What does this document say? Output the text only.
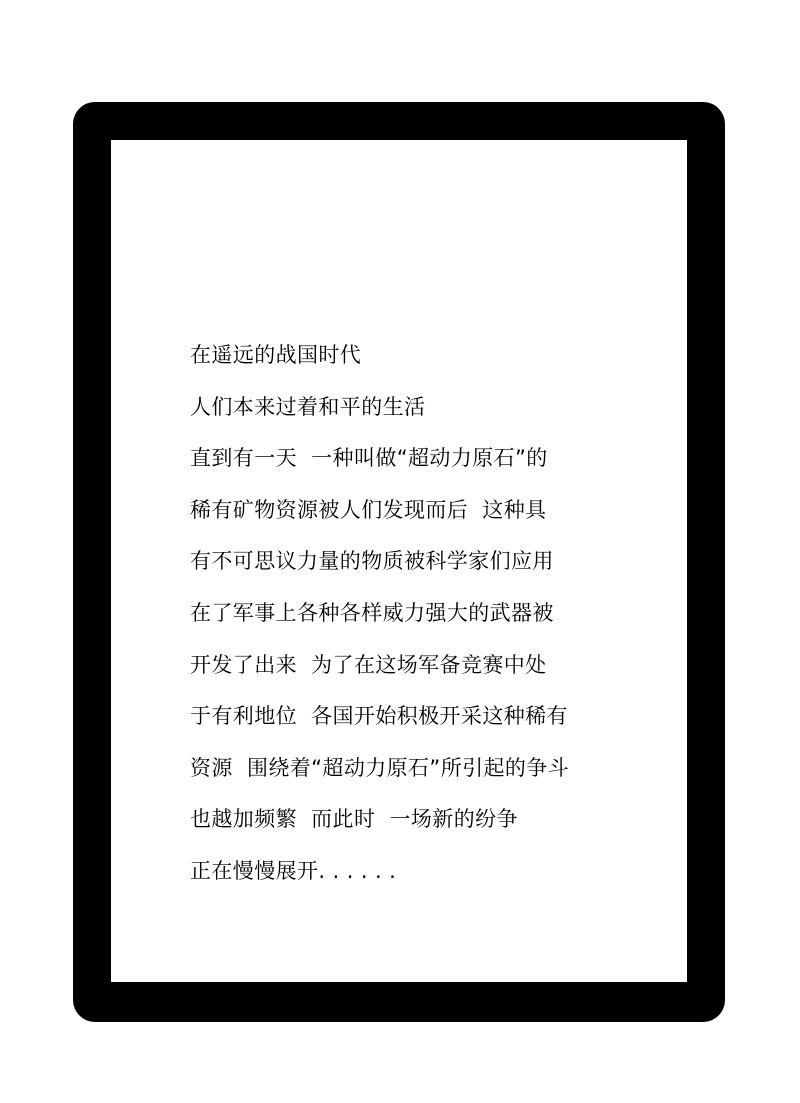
在遥远的战国时代
人们本来过着和平的生活
直到有一天  一种叫做“超动力原石”的
稀有矿物资源被人们发现而后  这种具
有不可思议力量的物质被科学家们应用
在了军事上各种各样威力强大的武器被
开发了出来  为了在这场军备竞赛中处
于有利地位  各国开始积极开采这种稀有
资源  围绕着“超动力原石”所引起的争斗
也越加频繁  而此时  一场新的纷争
正在慢慢展开. . . . . .
